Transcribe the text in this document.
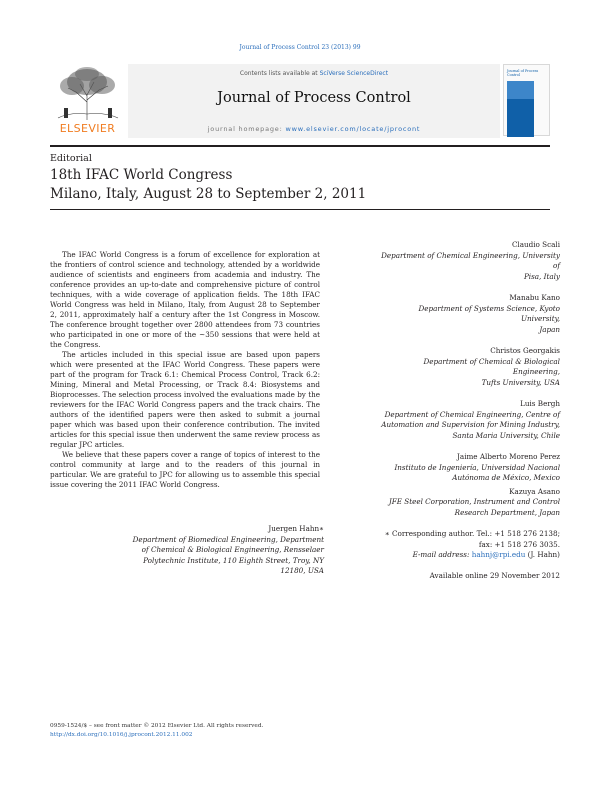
Journal of Process Control 23 (2013) 99
ELSEVIER
Contents lists available at SciVerse ScienceDirect
Journal of Process Control
journal homepage: www.elsevier.com/locate/jprocont
Journal of Process Control
Editorial
18th IFAC World Congress
Milano, Italy, August 28 to September 2, 2011

The IFAC World Congress is a forum of excellence for exploration at the frontiers of control science and technology, attended by a worldwide audience of scientists and engineers from academia and industry. The conference provides an up-to-date and comprehensive picture of control techniques, with a wide coverage of application fields. The 18th IFAC World Congress was held in Milano, Italy, from August 28 to September 2, 2011, approximately half a century after the 1st Congress in Moscow. The conference brought together over 2800 attendees from 73 countries who participated in one or more of the ~350 sessions that were held at the Congress.

The articles included in this special issue are based upon papers which were presented at the IFAC World Congress. These papers were part of the program for Track 6.1: Chemical Process Control, Track 6.2: Mining, Mineral and Metal Processing, or Track 8.4: Biosystems and Bioprocesses. The selection process involved the evaluations made by the reviewers for the IFAC World Congress papers and the track chairs. The authors of the identified papers were then asked to submit a journal paper which was based upon their conference contribution. The invited articles for this special issue then underwent the same review process as regular JPC articles.

We believe that these papers cover a range of topics of interest to the control community at large and to the readers of this journal in particular. We are grateful to JPC for allowing us to assemble this special issue covering the 2011 IFAC World Congress.

Juergen Hahn∗
Department of Biomedical Engineering, Department
of Chemical & Biological Engineering, Rensselaer
Polytechnic Institute, 110 Eighth Street, Troy, NY
12180, USA
Claudio Scali
Department of Chemical Engineering, University of
Pisa, Italy
Manabu Kano
Department of Systems Science, Kyoto University,
Japan
Christos Georgakis
Department of Chemical & Biological Engineering,
Tufts University, USA
Luis Bergh
Department of Chemical Engineering, Centre of
Automation and Supervision for Mining Industry,
Santa Maria University, Chile
Jaime Alberto Moreno Perez
Instituto de Ingeniería, Universidad Nacional
Autónoma de México, Mexico
Kazuya Asano
JFE Steel Corporation, Instrument and Control
Research Department, Japan
∗ Corresponding author. Tel.: +1 518 276 2138;
fax: +1 518 276 3035.
E-mail address: hahnj@rpi.edu (J. Hahn)
Available online 29 November 2012
0959-1524/$ – see front matter © 2012 Elsevier Ltd. All rights reserved.
http://dx.doi.org/10.1016/j.jprocont.2012.11.002
